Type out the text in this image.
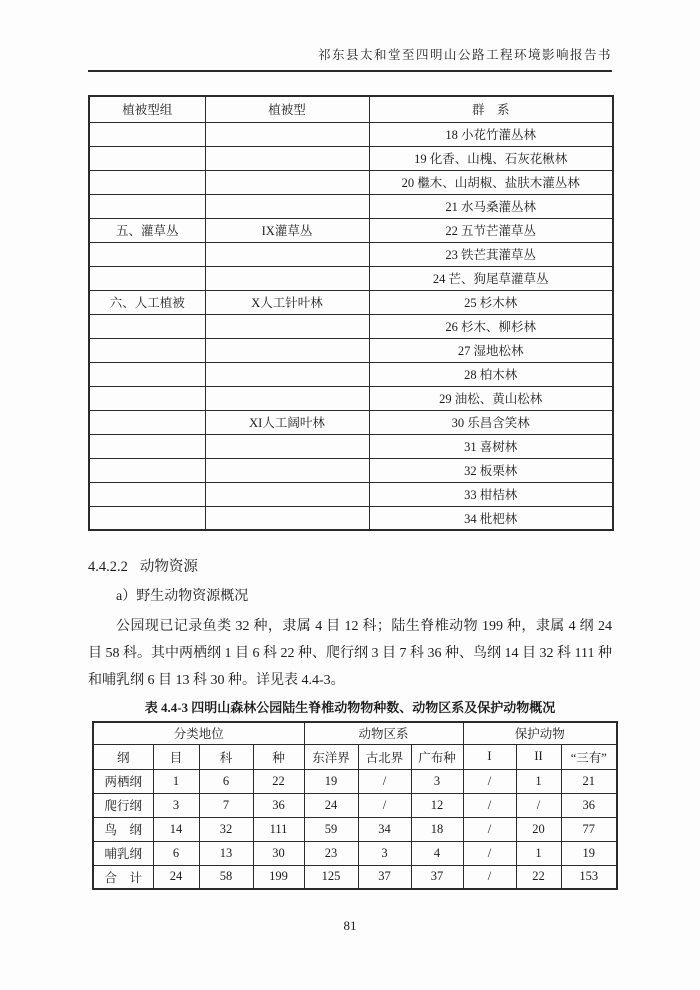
祁东县太和堂至四明山公路工程环境影响报告书
植被型组	植被型	群　系
		18 小花竹灌丛林
		19 化香、山槐、石灰花楸林
		20 檵木、山胡椒、盐肤木灌丛林
		21 水马桑灌丛林
五、灌草丛	IX灌草丛	22 五节芒灌草丛
		23 铁芒萁灌草丛
		24 芒、狗尾草灌草丛
六、人工植被	X人工针叶林	25 杉木林
		26 杉木、柳杉林
		27 湿地松林
		28 柏木林
		29 油松、黄山松林
	XI人工阔叶林	30 乐昌含笑林
		31 喜树林
		32 板栗林
		33 柑桔林
		34 枇杷林
4.4.2.2 动物资源
a）野生动物资源概况

公园现已记录鱼类 32 种，隶属 4 目 12 科；陆生脊椎动物 199 种，隶属 4 纲 24 目 58 科。其中两栖纲 1 目 6 科 22 种、爬行纲 3 目 7 科 36 种、鸟纲 14 目 32 科 111 种和哺乳纲 6 目 13 科 30 种。详见表 4.4-3。

表 4.4-3 四明山森林公园陆生脊椎动物物种数、动物区系及保护动物概况
分类地位				动物区系			保护动物		
纲	目	科	种	东洋界	古北界	广布种	I	II	“三有”
两栖纲	1	6	22	19	/	3	/	1	21
爬行纲	3	7	36	24	/	12	/	/	36
鸟　纲	14	32	111	59	34	18	/	20	77
哺乳纲	6	13	30	23	3	4	/	1	19
合　计	24	58	199	125	37	37	/	22	153
81
